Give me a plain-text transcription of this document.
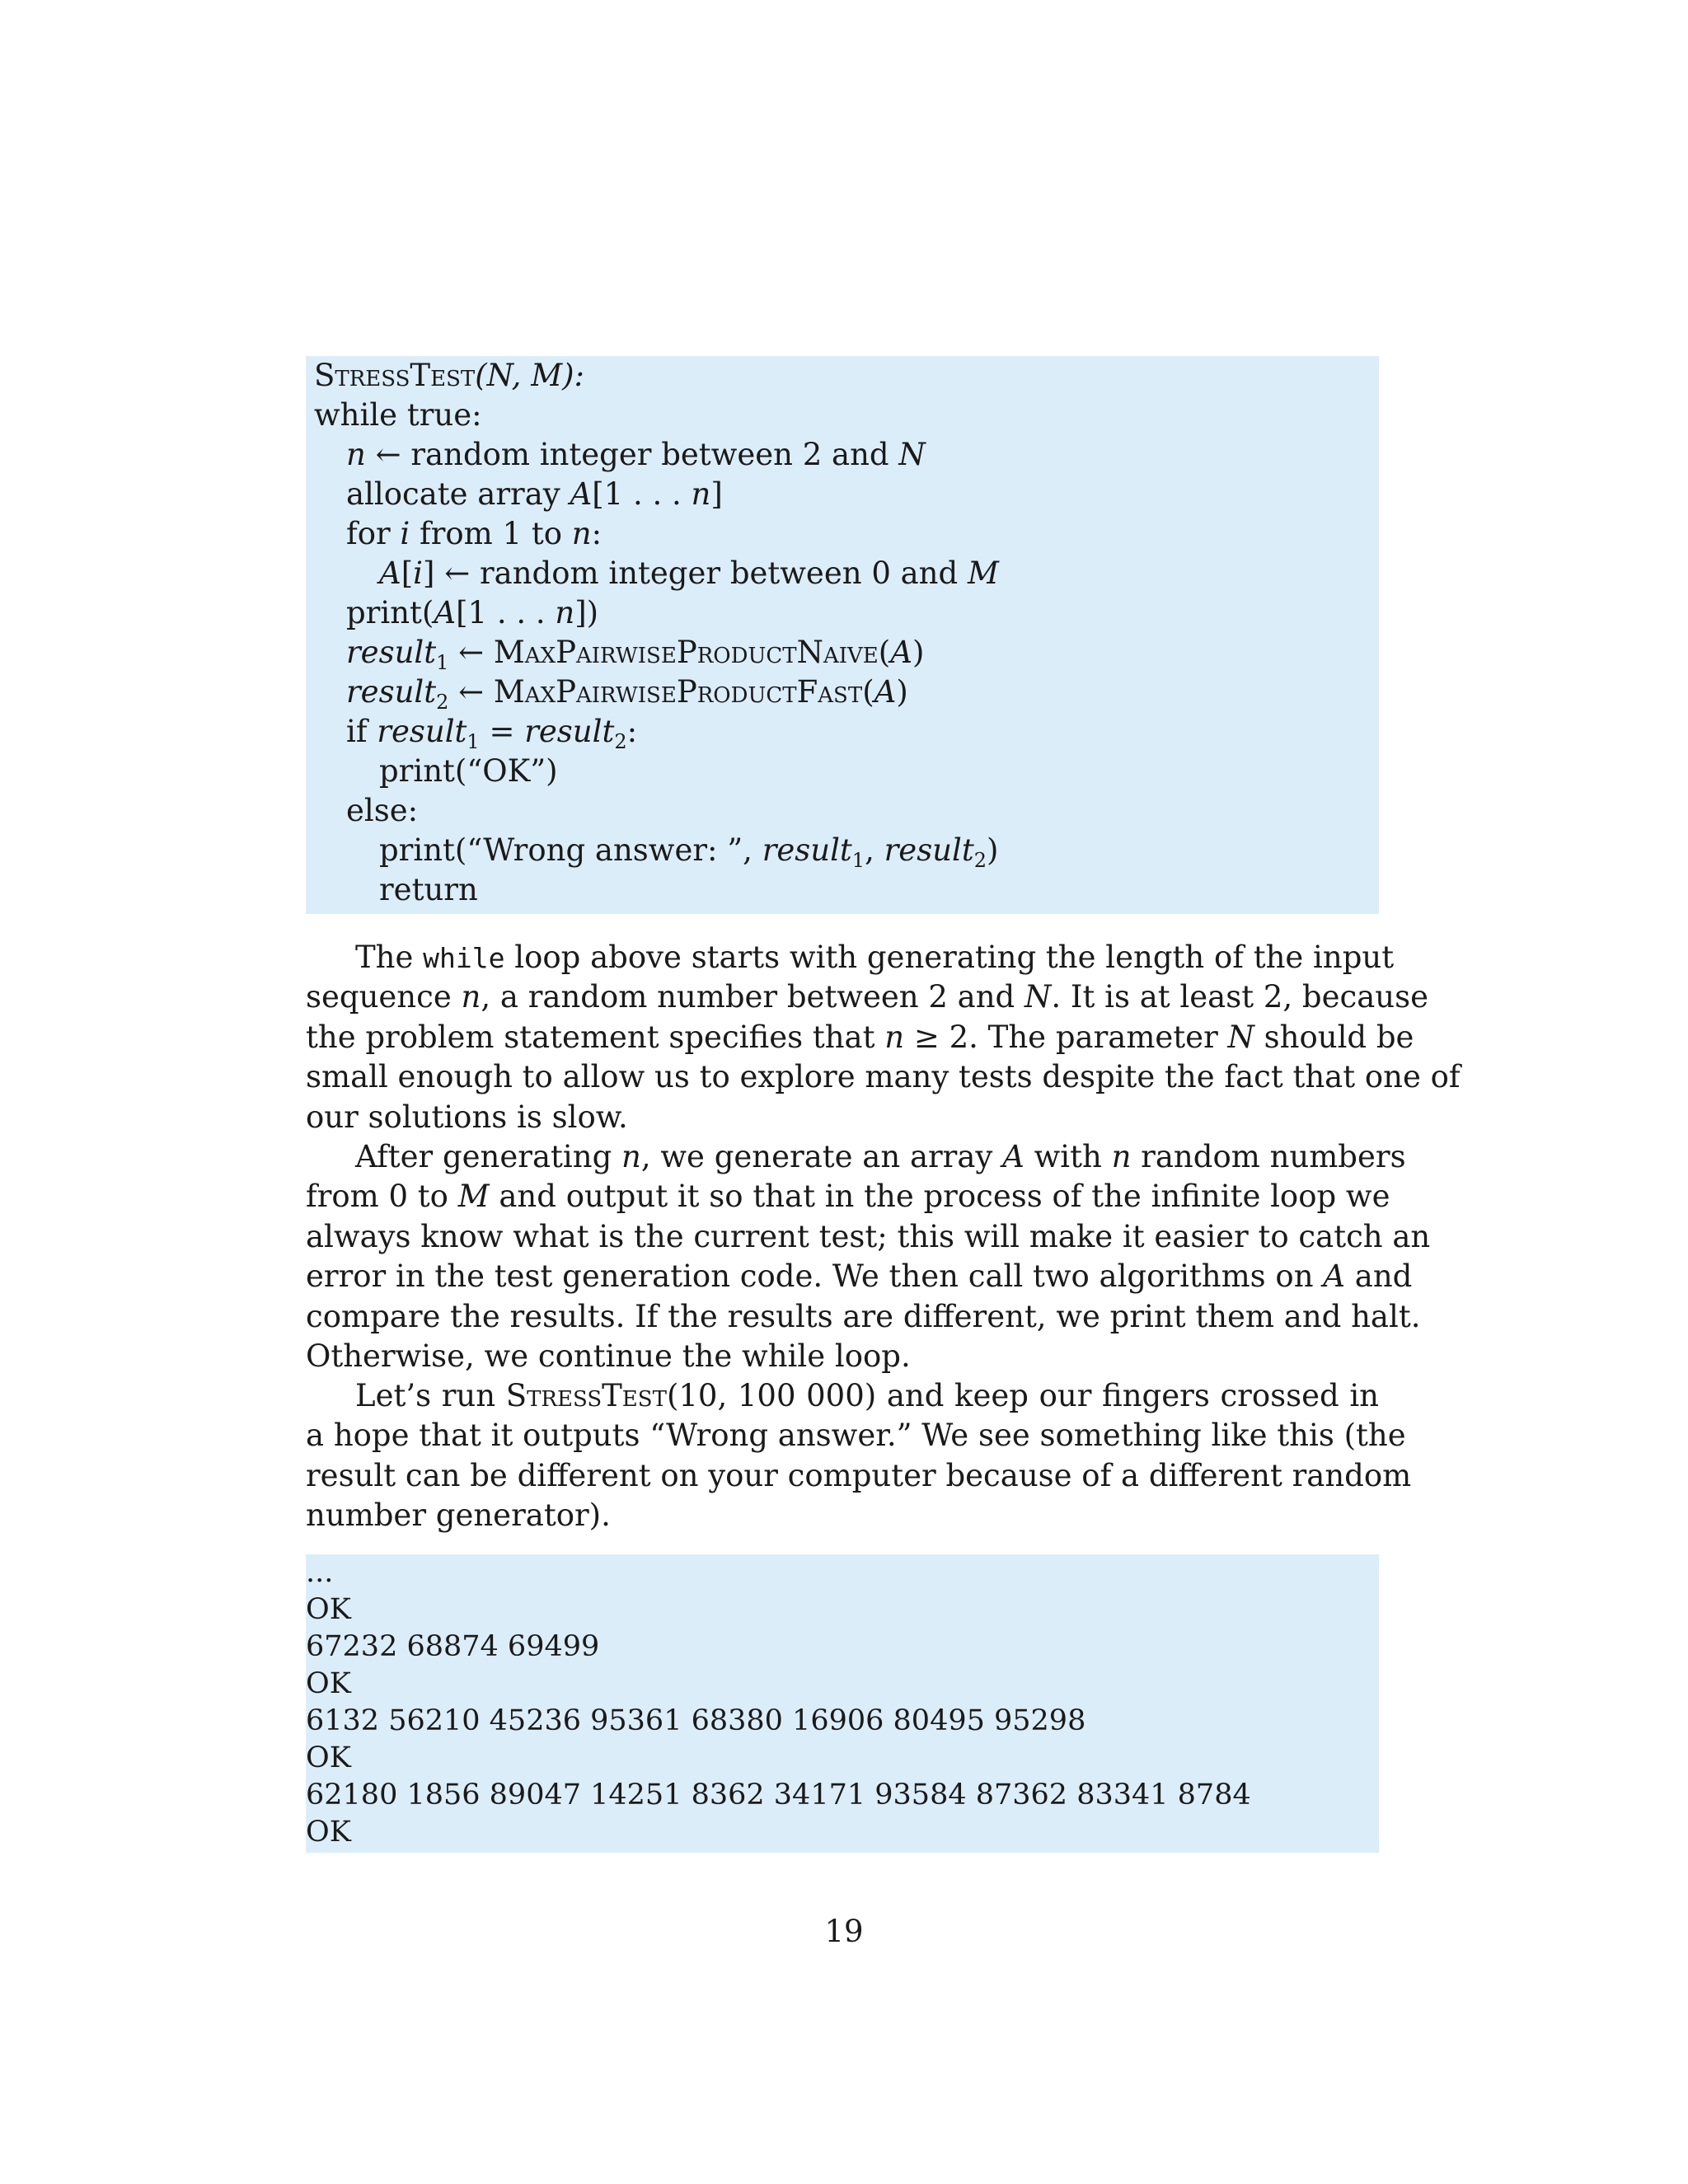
StressTest(N, M):
while true:
n ← random integer between 2 and N
allocate array A[1 . . . n]
for i from 1 to n:
A[i] ← random integer between 0 and M
print(A[1 . . . n])
result$_1$ ← MaxPairwiseProductNaive(A)
result$_2$ ← MaxPairwiseProductFast(A)
if result$_1$ = result$_2$:
print(“OK”)
else:
print(“Wrong answer: ”, result$_1$, result$_2$)
return
The while loop above starts with generating the length of the input
sequence n, a random number between 2 and N. It is at least 2, because
the problem statement specifies that n ≥ 2. The parameter N should be
small enough to allow us to explore many tests despite the fact that one of
our solutions is slow.
After generating n, we generate an array A with n random numbers
from 0 to M and output it so that in the process of the infinite loop we
always know what is the current test; this will make it easier to catch an
error in the test generation code. We then call two algorithms on A and
compare the results. If the results are different, we print them and halt.
Otherwise, we continue the while loop.
Let’s run StressTest(10, 100 000) and keep our fingers crossed in
a hope that it outputs “Wrong answer.” We see something like this (the
result can be different on your computer because of a different random
number generator).
...
OK
67232 68874 69499
OK
6132 56210 45236 95361 68380 16906 80495 95298
OK
62180 1856 89047 14251 8362 34171 93584 87362 83341 8784
OK
19
